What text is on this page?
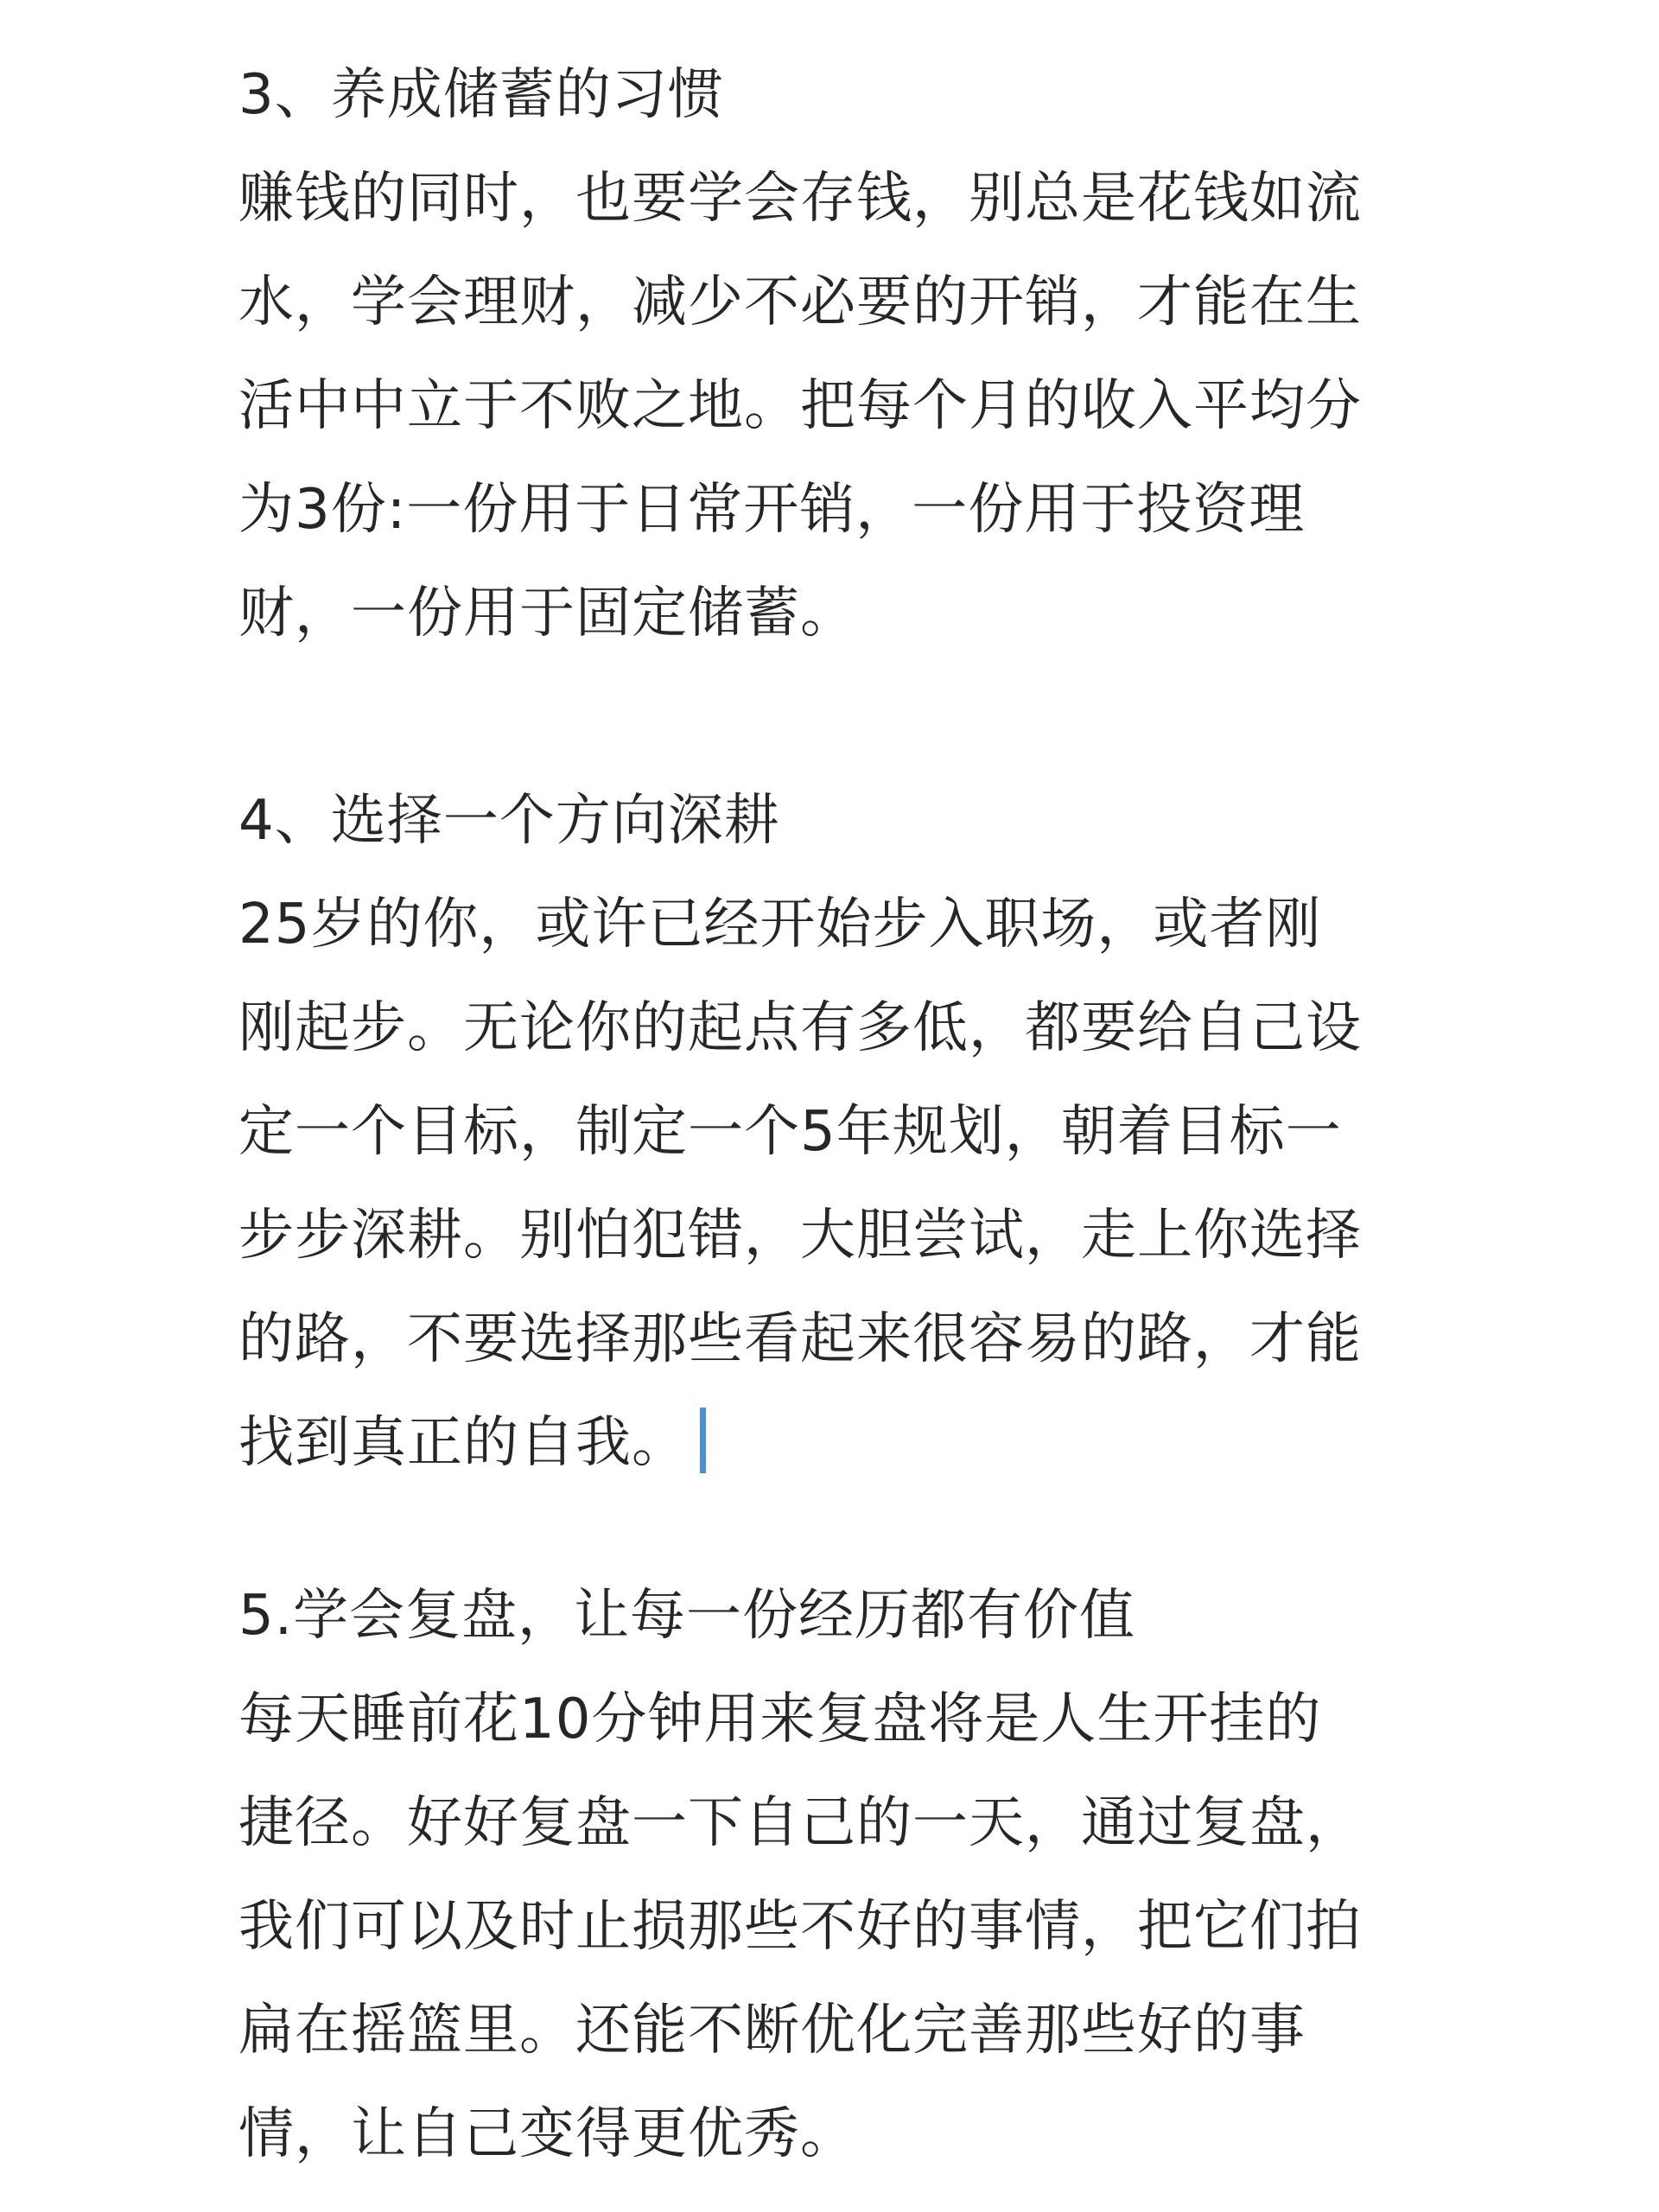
3、养成储蓄的习惯
赚钱的同时，也要学会存钱，别总是花钱如流
水，学会理财，减少不必要的开销，才能在生
活中中立于不败之地。把每个月的收入平均分
为3份:一份用于日常开销，一份用于投资理
财，一份用于固定储蓄。
4、选择一个方向深耕
25岁的你，或许已经开始步入职场，或者刚
刚起步。无论你的起点有多低，都要给自己设
定一个目标，制定一个5年规划，朝着目标一
步步深耕。别怕犯错，大胆尝试，走上你选择
的路，不要选择那些看起来很容易的路，才能
找到真正的自我。
5.学会复盘，让每一份经历都有价值
每天睡前花10分钟用来复盘将是人生开挂的
捷径。好好复盘一下自己的一天，通过复盘，
我们可以及时止损那些不好的事情，把它们拍
扁在摇篮里。还能不断优化完善那些好的事
情，让自己变得更优秀。
